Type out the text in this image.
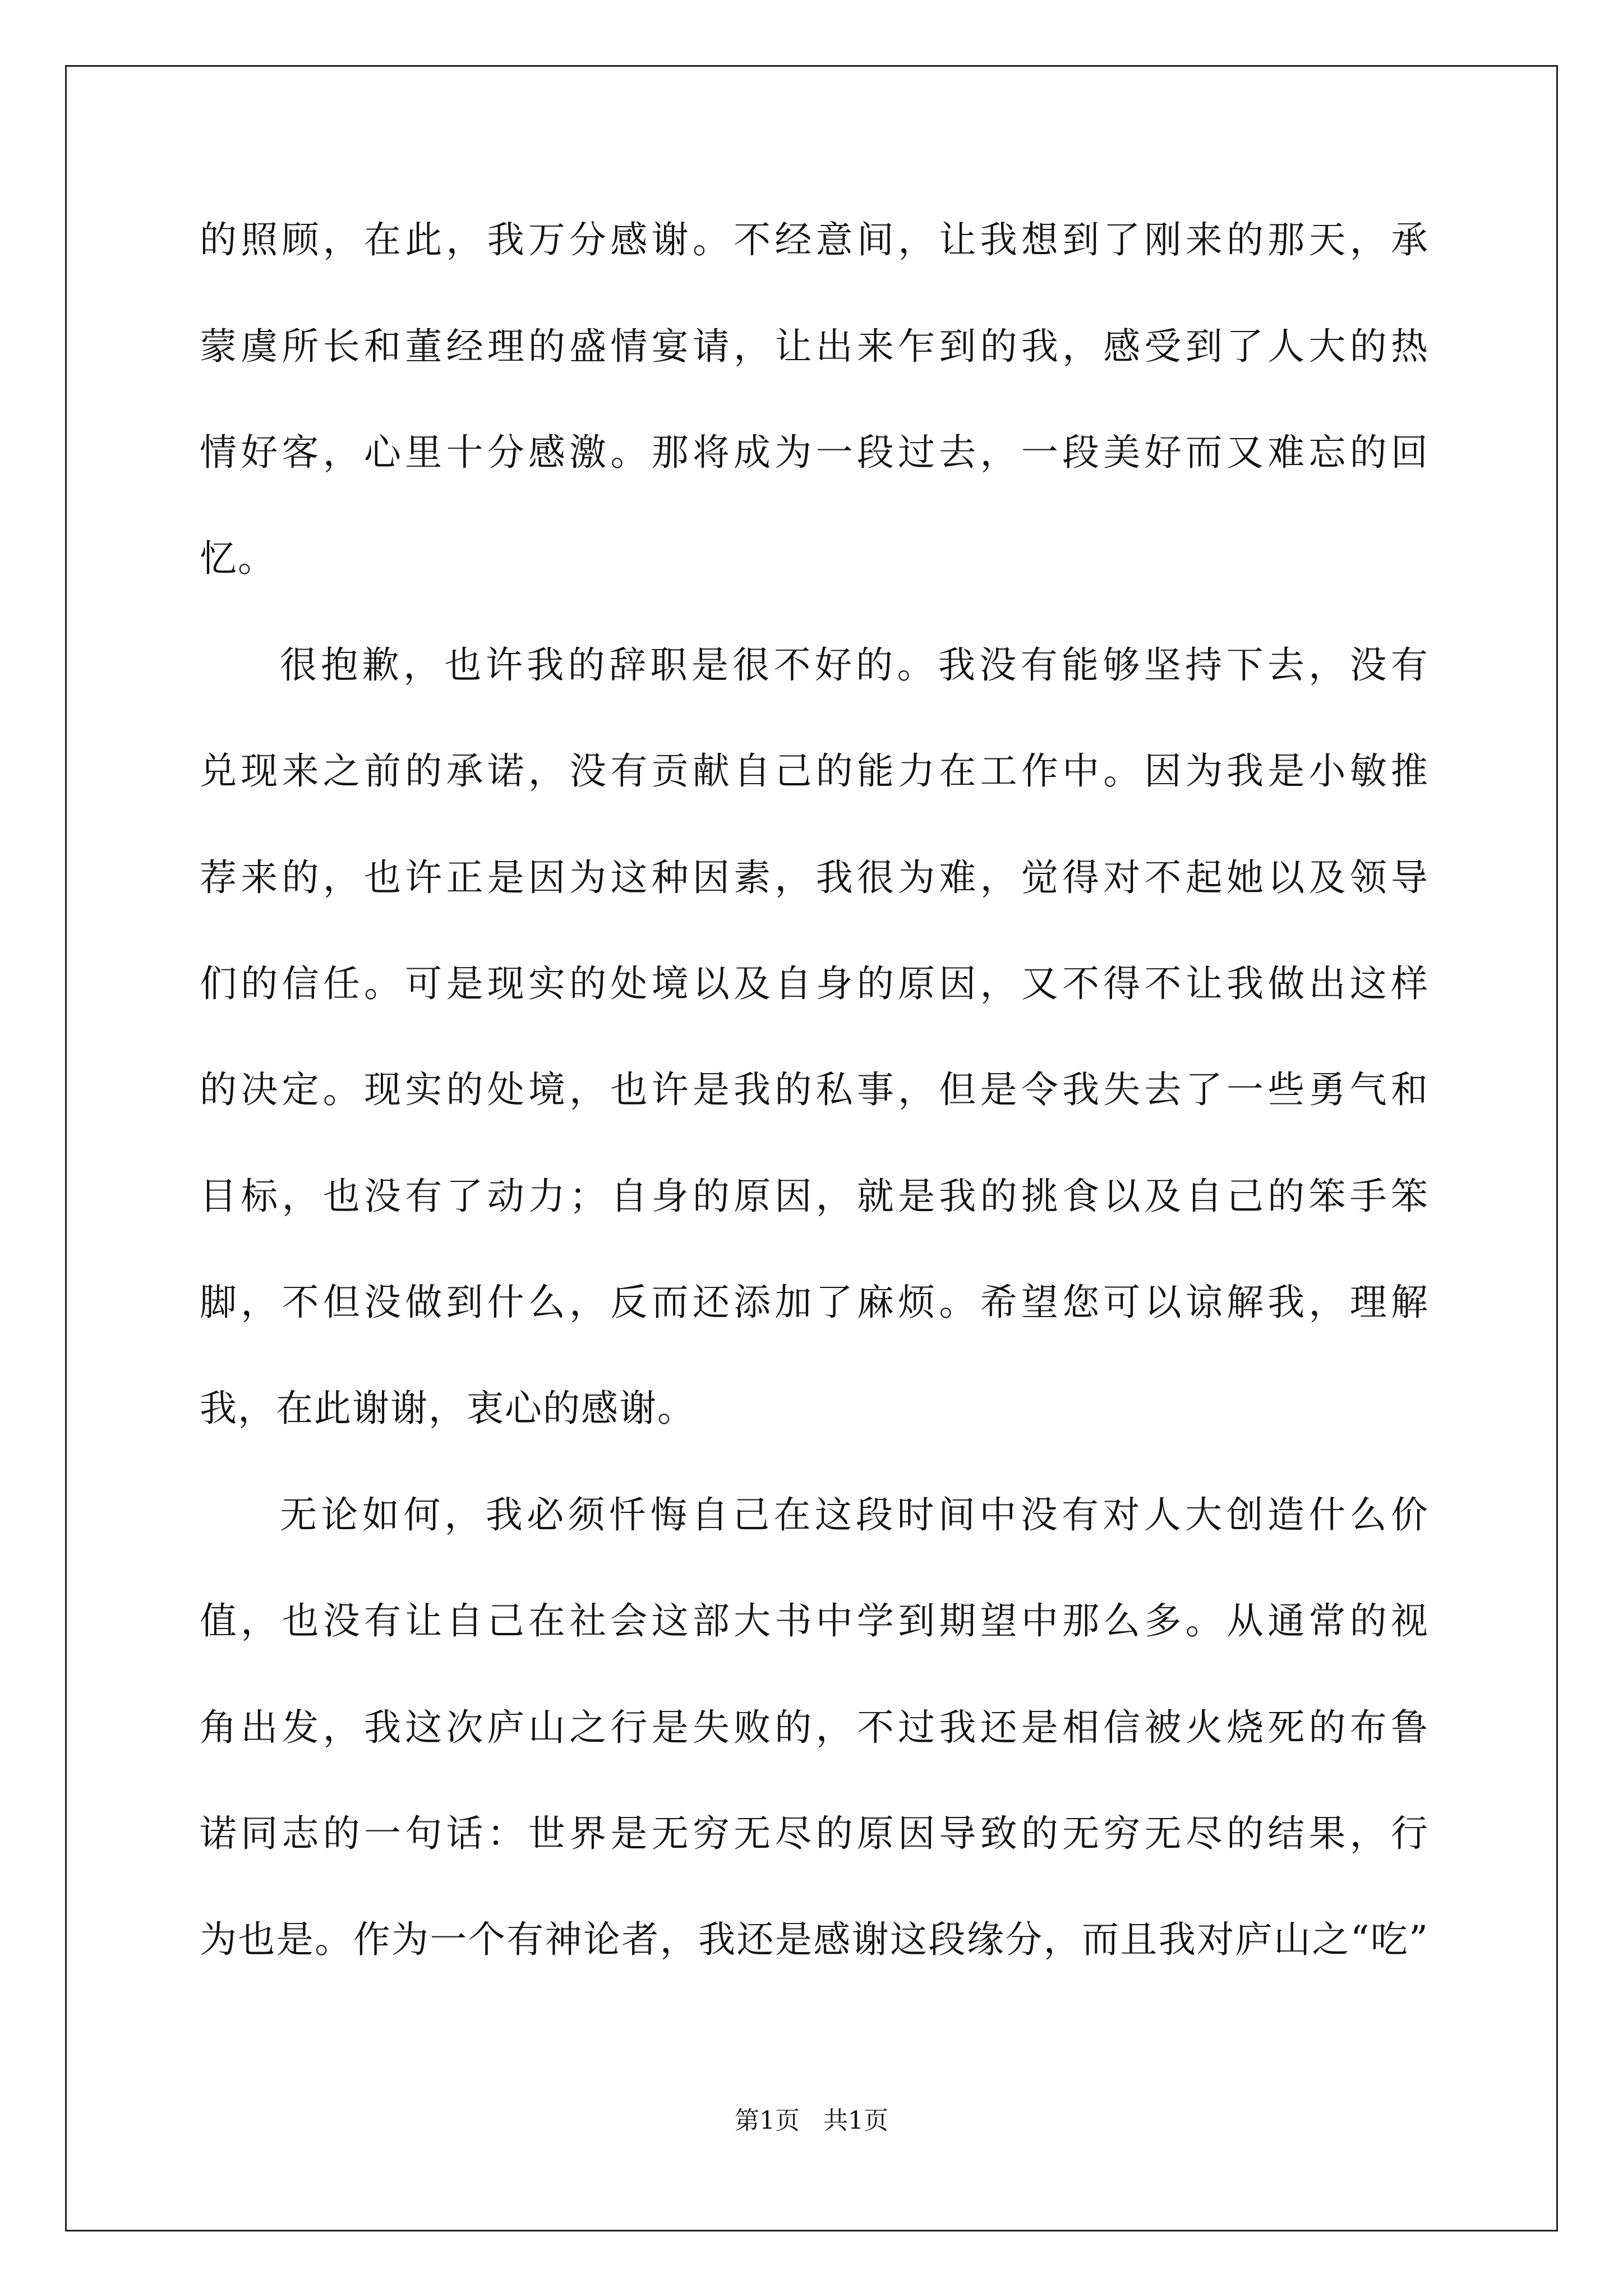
的照顾，在此，我万分感谢。不经意间，让我想到了刚来的那天，承
蒙虞所长和董经理的盛情宴请，让出来乍到的我，感受到了人大的热
情好客，心里十分感激。那将成为一段过去，一段美好而又难忘的回
忆。
很抱歉，也许我的辞职是很不好的。我没有能够坚持下去，没有
兑现来之前的承诺，没有贡献自己的能力在工作中。因为我是小敏推
荐来的，也许正是因为这种因素，我很为难，觉得对不起她以及领导
们的信任。可是现实的处境以及自身的原因，又不得不让我做出这样
的决定。现实的处境，也许是我的私事，但是令我失去了一些勇气和
目标，也没有了动力；自身的原因，就是我的挑食以及自己的笨手笨
脚，不但没做到什么，反而还添加了麻烦。希望您可以谅解我，理解
我，在此谢谢，衷心的感谢。
无论如何，我必须忏悔自己在这段时间中没有对人大创造什么价
值，也没有让自己在社会这部大书中学到期望中那么多。从通常的视
角出发，我这次庐山之行是失败的，不过我还是相信被火烧死的布鲁
诺同志的一句话：世界是无穷无尽的原因导致的无穷无尽的结果，行
为也是。作为一个有神论者，我还是感谢这段缘分，而且我对庐山之“吃”
第1页   共1页
